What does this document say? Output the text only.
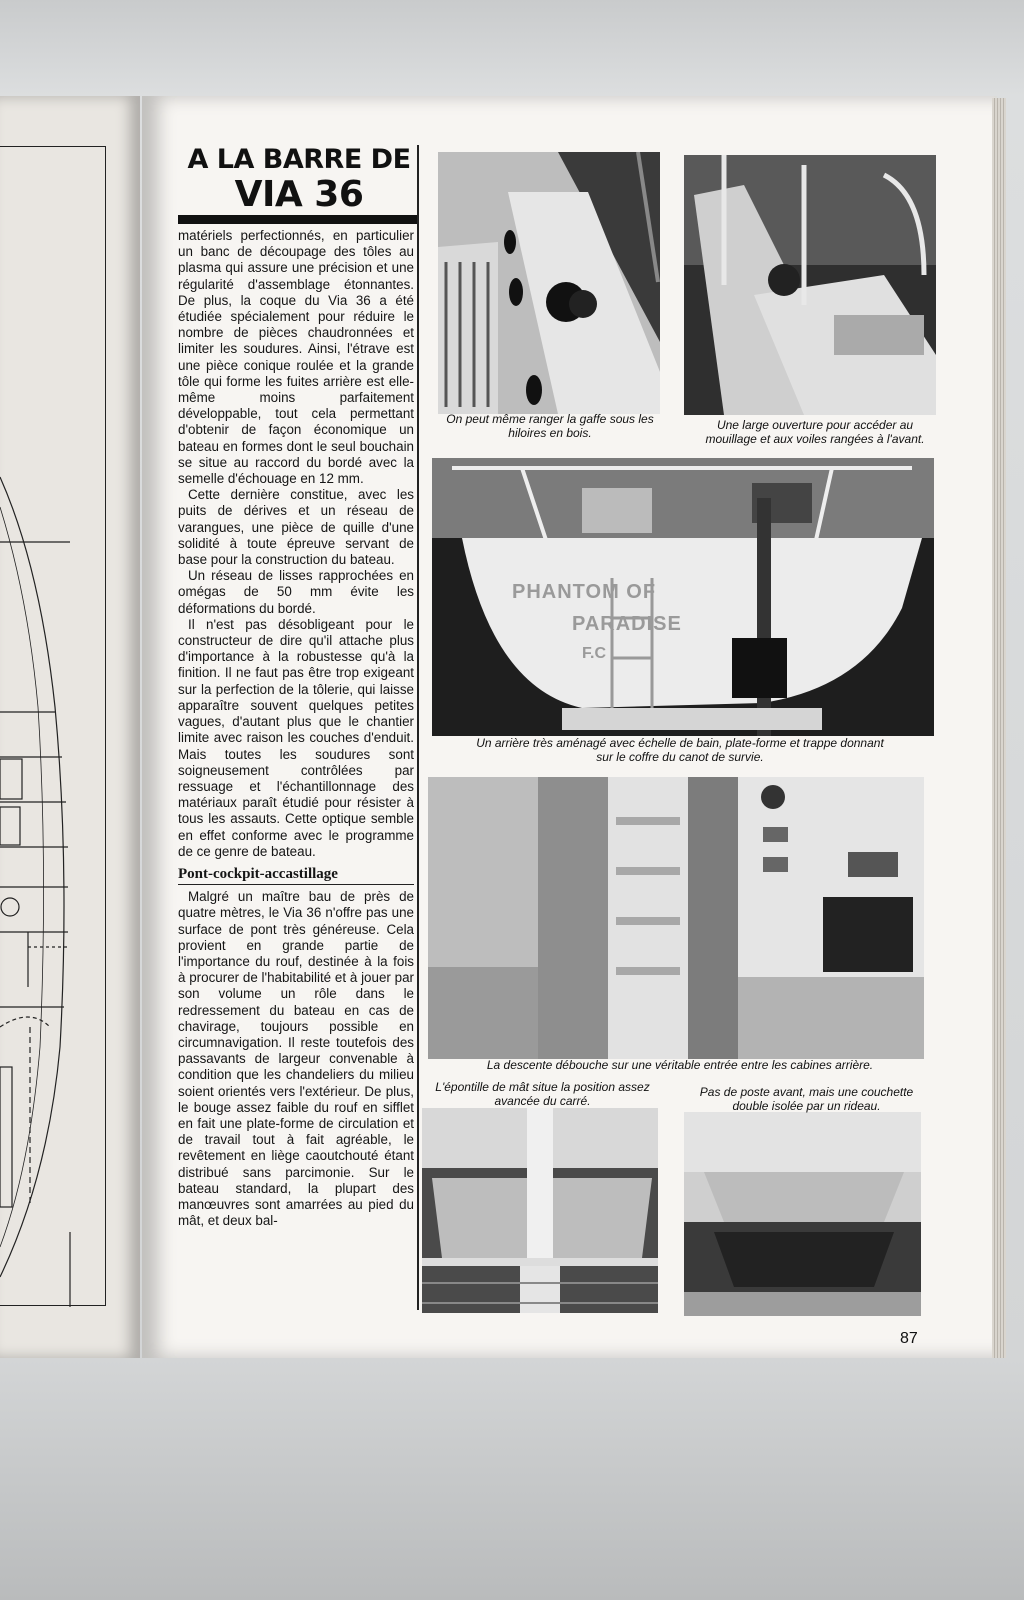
A LA BARRE DE
VIA 36

matériels perfectionnés, en particulier un banc de découpage des tôles au plasma qui assure une précision et une régularité d'assemblage étonnantes. De plus, la coque du Via 36 a été étudiée spécialement pour réduire le nombre de pièces chaudronnées et limiter les soudures. Ainsi, l'étrave est une pièce conique roulée et la grande tôle qui forme les fuites arrière est elle-même moins parfaitement développable, tout cela permettant d'obtenir de façon économique un bateau en formes dont le seul bouchain se situe au raccord du bordé avec la semelle d'échouage en 12 mm.

Cette dernière constitue, avec les puits de dérives et un réseau de varangues, une pièce de quille d'une solidité à toute épreuve servant de base pour la construction du bateau.

Un réseau de lisses rapprochées en omégas de 50 mm évite les déformations du bordé.

Il n'est pas désobligeant pour le constructeur de dire qu'il attache plus d'importance à la robustesse qu'à la finition. Il ne faut pas être trop exigeant sur la perfection de la tôlerie, qui laisse apparaître souvent quelques petites vagues, d'autant plus que le chantier limite avec raison les couches d'enduit. Mais toutes les soudures sont soigneusement contrôlées par ressuage et l'échantillonnage des matériaux paraît étudié pour résister à tous les assauts. Cette optique semble en effet conforme avec le programme de ce genre de bateau.

Pont-cockpit-accastillage

Malgré un maître bau de près de quatre mètres, le Via 36 n'offre pas une surface de pont très généreuse. Cela provient en grande partie de l'importance du rouf, destinée à la fois à procurer de l'habitabilité et à jouer par son volume un rôle dans le redressement du bateau en cas de chavirage, toujours possible en circumnavigation. Il reste toutefois des passavants de largeur convenable à condition que les chandeliers du milieu soient orientés vers l'extérieur. De plus, le bouge assez faible du rouf en sifflet en fait une plate-forme de circulation et de travail tout à fait agréable, le revêtement en liège caoutchouté étant distribué sans parcimonie. Sur le bateau standard, la plupart des manœuvres sont amarrées au pied du mât, et deux bal-

On peut même ranger la gaffe sous les hiloires en bois.
Une large ouverture pour accéder au mouillage et aux voiles rangées à l'avant.
PHANTOM OF
PARADISE
F.C
Un arrière très aménagé avec échelle de bain, plate-forme et trappe donnant sur le coffre du canot de survie.
La descente débouche sur une véritable entrée entre les cabines arrière.
L'épontille de mât situe la position assez avancée du carré.
Pas de poste avant, mais une couchette double isolée par un rideau.
87
